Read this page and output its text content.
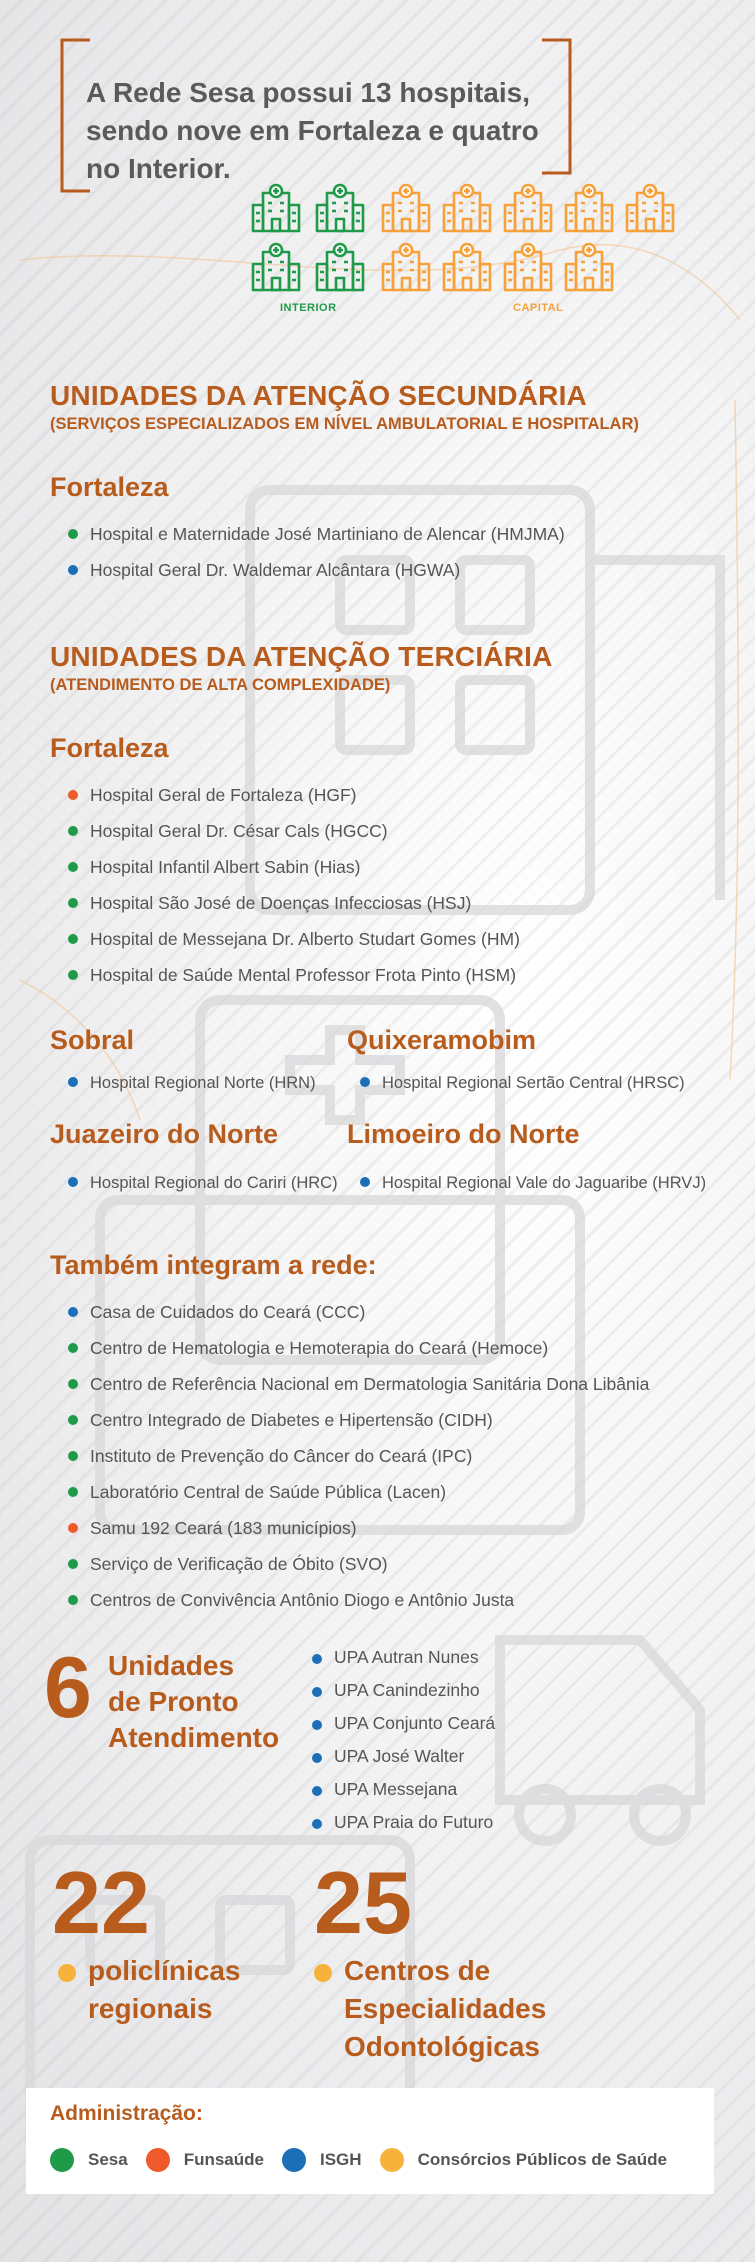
A Rede Sesa possui 13 hospitais, sendo nove em Fortaleza e quatro no Interior.
INTERIOR	CAPITAL
UNIDADES DA ATENÇÃO SECUNDÁRIA
(SERVIÇOS ESPECIALIZADOS EM NÍVEL AMBULATORIAL E HOSPITALAR)
Fortaleza
Hospital e Maternidade José Martiniano de Alencar (HMJMA)
Hospital Geral Dr. Waldemar Alcântara (HGWA)
UNIDADES DA ATENÇÃO TERCIÁRIA
(ATENDIMENTO DE ALTA COMPLEXIDADE)
Fortaleza
Hospital Geral de Fortaleza (HGF)
Hospital Geral Dr. César Cals (HGCC)
Hospital Infantil Albert Sabin (Hias)
Hospital São José de Doenças Infecciosas (HSJ)
Hospital de Messejana Dr. Alberto Studart Gomes (HM)
Hospital de Saúde Mental Professor Frota Pinto (HSM)
Sobral
Hospital Regional Norte (HRN)
Quixeramobim
Hospital Regional Sertão Central (HRSC)
Juazeiro do Norte
Hospital Regional do Cariri (HRC)
Limoeiro do Norte
Hospital Regional Vale do Jaguaribe (HRVJ)
Também integram a rede:
Casa de Cuidados do Ceará (CCC)
Centro de Hematologia e Hemoterapia do Ceará (Hemoce)
Centro de Referência Nacional em Dermatologia Sanitária Dona Libânia
Centro Integrado de Diabetes e Hipertensão (CIDH)
Instituto de Prevenção do Câncer do Ceará (IPC)
Laboratório Central de Saúde Pública (Lacen)
Samu 192 Ceará (183 municípios)
Serviço de Verificação de Óbito (SVO)
Centros de Convivência Antônio Diogo e Antônio Justa
6 Unidades
de Pronto
Atendimento
UPA Autran Nunes
UPA Canindezinho
UPA Conjunto Ceará
UPA José Walter
UPA Messejana
UPA Praia do Futuro
22
policlínicas
regionais
25
Centros de
Especialidades
Odontológicas
Administração:
Sesa	Funsaúde	ISGH	Consórcios Públicos de Saúde
